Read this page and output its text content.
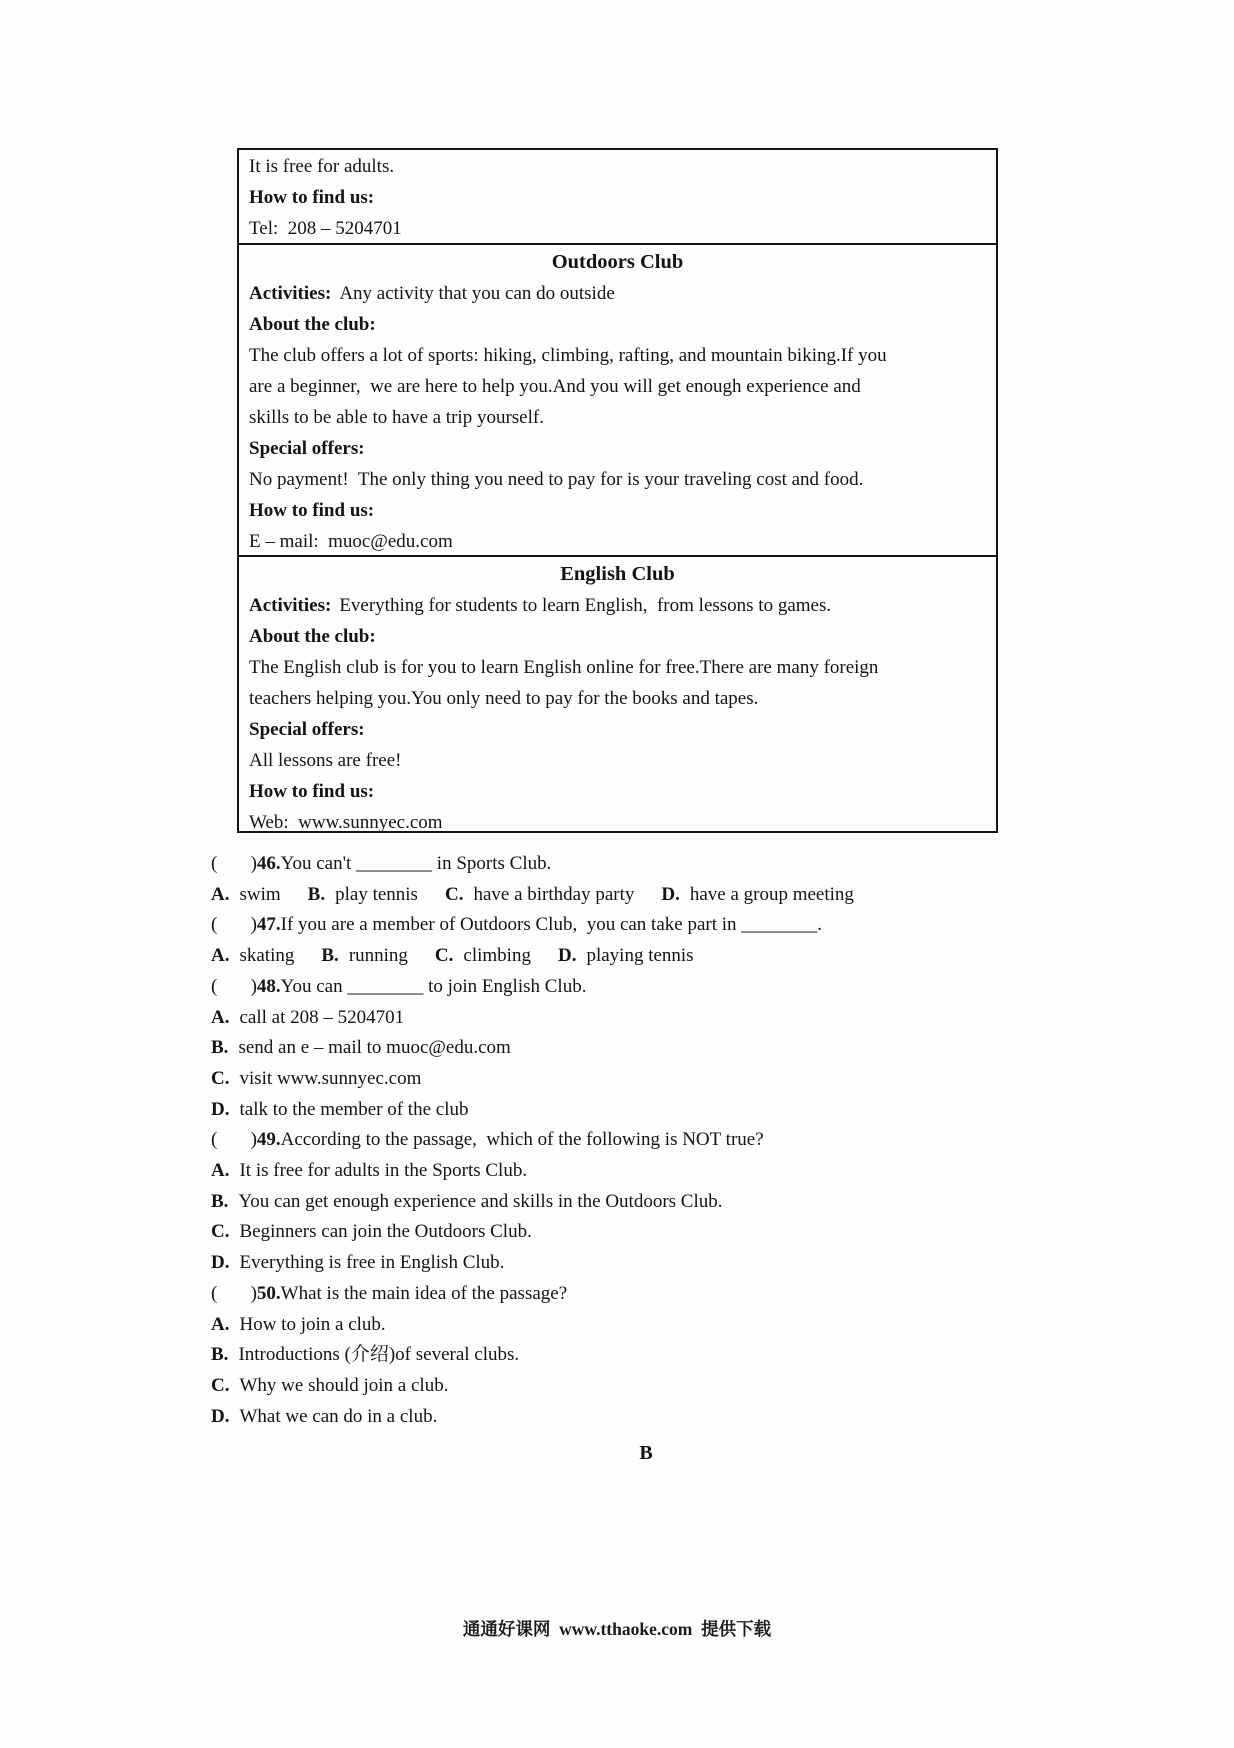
It is free for adults.
How to find us:
Tel:  208 – 5204701
Outdoors Club
Activities: Any activity that you can do outside
About the club:
The club offers a lot of sports: hiking, climbing, rafting, and mountain biking.If you
are a beginner,  we are here to help you.And you will get enough experience and
skills to be able to have a trip yourself.
Special offers:
No payment!  The only thing you need to pay for is your traveling cost and food.
How to find us:
E – mail:  muoc@edu.com
English Club
Activities: Everything for students to learn English,  from lessons to games.
About the club:
The English club is for you to learn English online for free.There are many foreign
teachers helping you.You only need to pay for the books and tapes.
Special offers:
All lessons are free!
How to find us:
Web:  www.sunnyec.com
(       )46.You can't ________ in Sports Club.
A. swim B. play tennis C. have a birthday party D. have a group meeting
(       )47.If you are a member of Outdoors Club,  you can take part in ________.
A. skating B. running C. climbing D. playing tennis
(       )48.You can ________ to join English Club.
A. call at 208 – 5204701
B. send an e – mail to muoc@edu.com
C. visit www.sunnyec.com
D. talk to the member of the club
(       )49.According to the passage,  which of the following is NOT true?
A. It is free for adults in the Sports Club.
B. You can get enough experience and skills in the Outdoors Club.
C. Beginners can join the Outdoors Club.
D. Everything is free in English Club.
(       )50.What is the main idea of the passage?
A. How to join a club.
B. Introductions (介绍)of several clubs.
C. Why we should join a club.
D. What we can do in a club.
B
通通好课网  www.tthaoke.com  提供下载
